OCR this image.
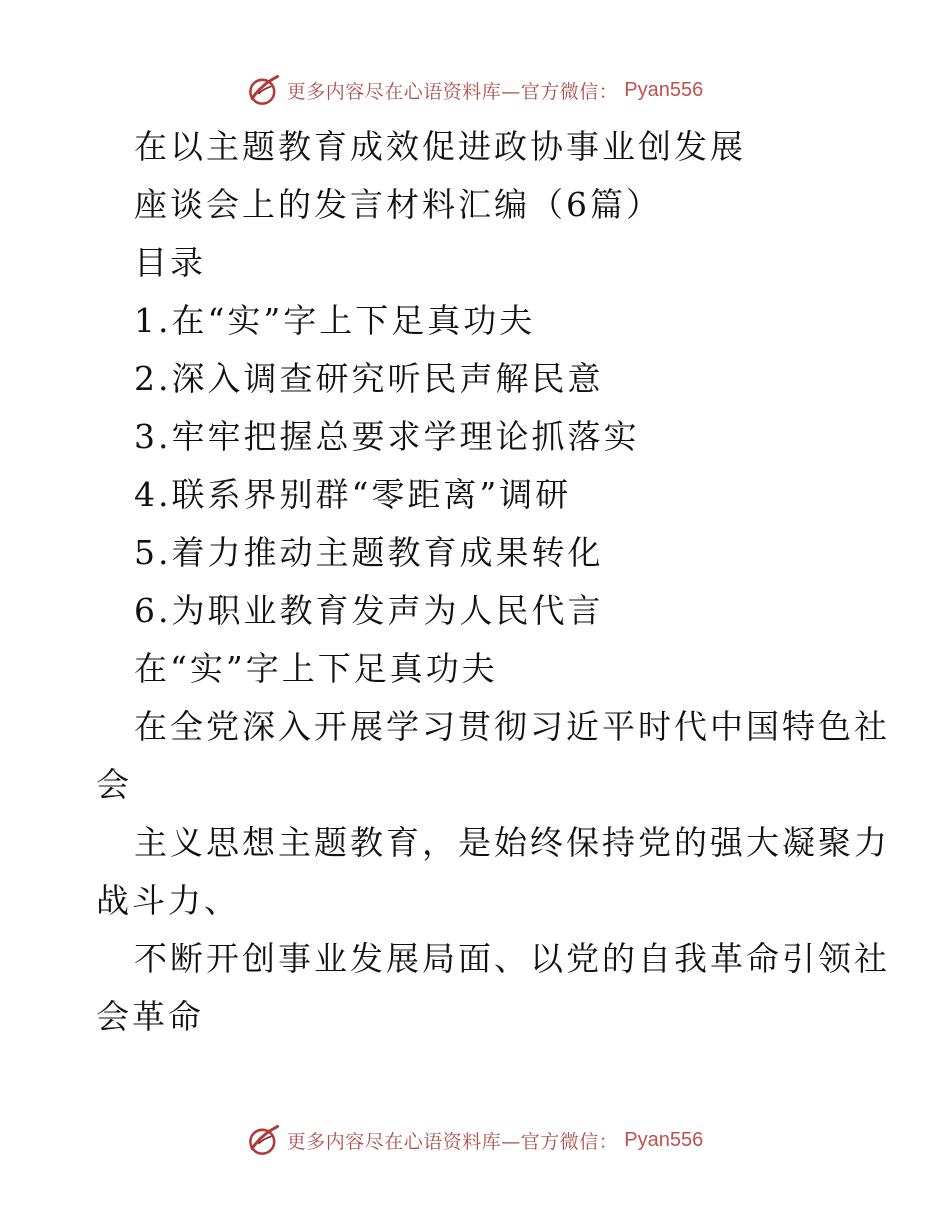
更多内容尽在心语资料库—官方微信： Pyan556
在以主题教育成效促进政协事业创发展
座谈会上的发言材料汇编（6篇）
目录
1.在“实”字上下足真功夫
2.深入调查研究听民声解民意
3.牢牢把握总要求学理论抓落实
4.联系界别群“零距离”调研
5.着力推动主题教育成果转化
6.为职业教育发声为人民代言
在“实”字上下足真功夫
在全党深入开展学习贯彻习近平时代中国特色社
会
主义思想主题教育，是始终保持党的强大凝聚力
战斗力、
不断开创事业发展局面、以党的自我革命引领社
会革命
更多内容尽在心语资料库—官方微信： Pyan556
